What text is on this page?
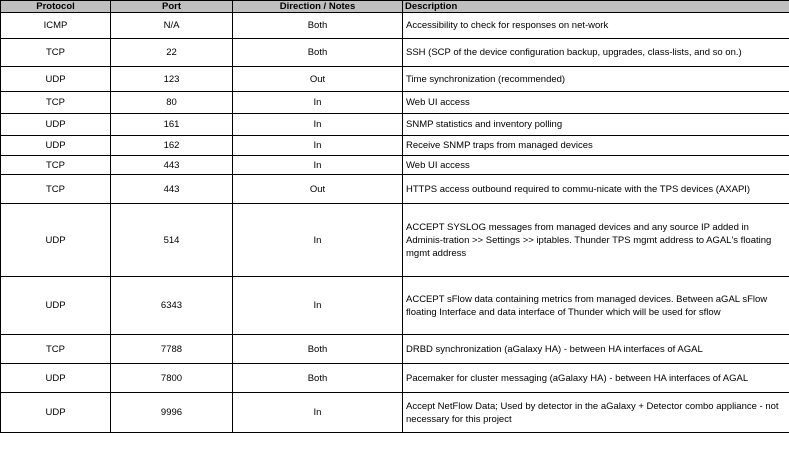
Protocol	Port	Direction / Notes	Description
ICMP	N/A	Both	Accessibility to check for responses on net-work
TCP	22	Both	SSH (SCP of the device configuration backup, upgrades, class-lists, and so on.)
UDP	123	Out	Time synchronization (recommended)
TCP	80	In	Web UI access
UDP	161	In	SNMP statistics and inventory polling
UDP	162	In	Receive SNMP traps from managed devices
TCP	443	In	Web UI access
TCP	443	Out	HTTPS access outbound required to commu-nicate with the TPS devices (AXAPI)
UDP	514	In	ACCEPT SYSLOG messages from managed devices and any source IP added in Adminis-tration >> Settings >> iptables. Thunder TPS mgmt address to AGAL's floating mgmt address
UDP	6343	In	ACCEPT sFlow data containing metrics from managed devices. Between aGAL sFlow floating Interface and data interface of Thunder which will be used for sflow
TCP	7788	Both	DRBD synchronization (aGalaxy HA) - between HA interfaces of AGAL
UDP	7800	Both	Pacemaker for cluster messaging (aGalaxy HA) - between HA interfaces of AGAL
UDP	9996	In	Accept NetFlow Data; Used by detector in the aGalaxy + Detector combo appliance - not necessary for this project
